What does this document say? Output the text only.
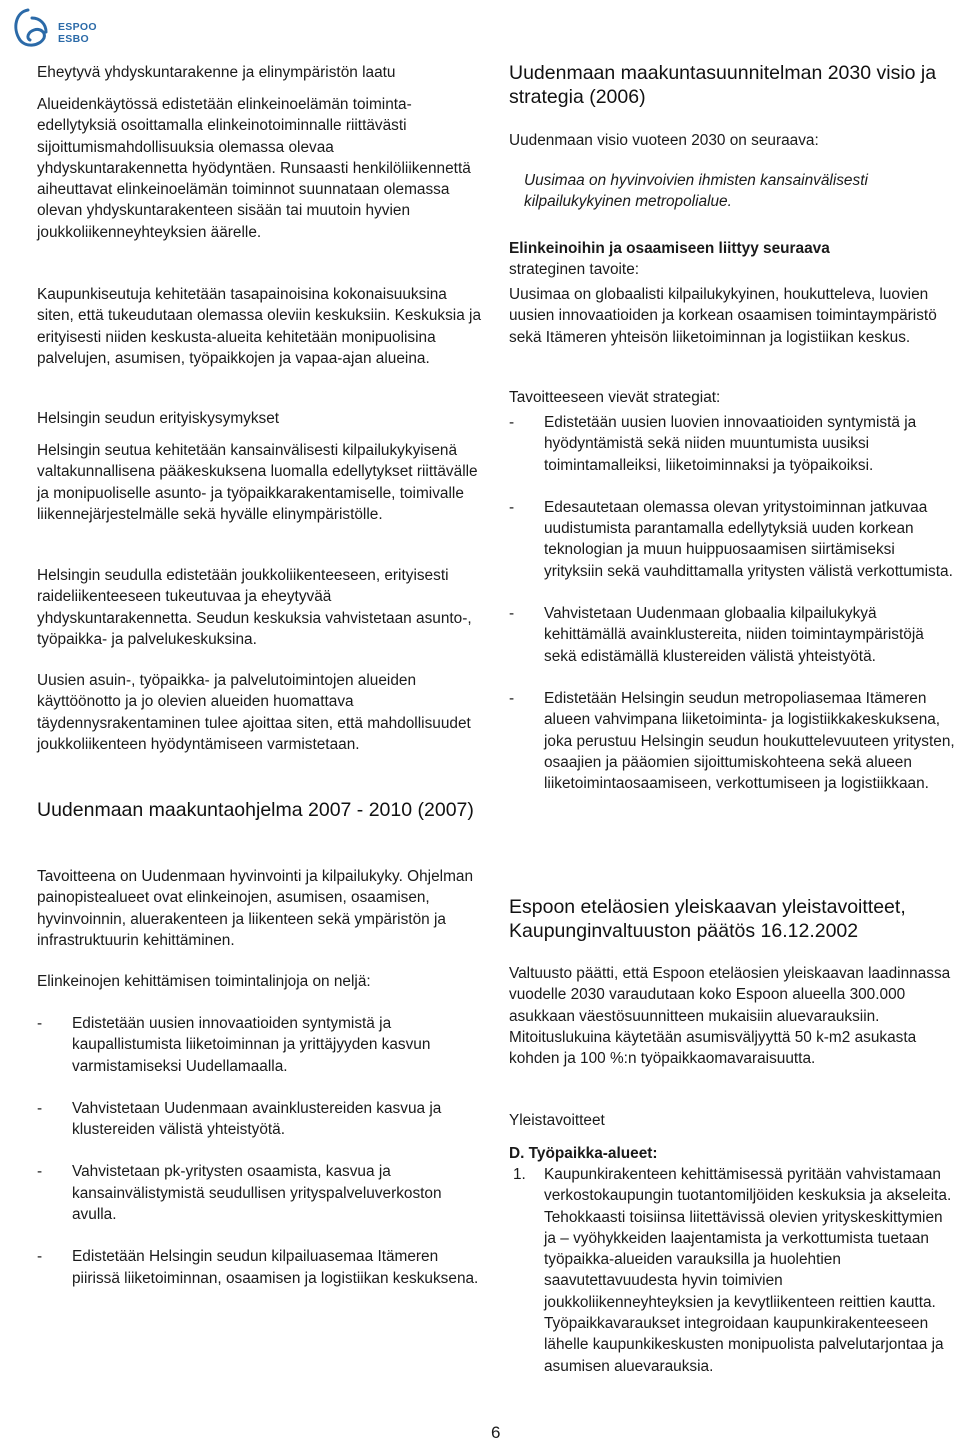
ESPOO
ESBO

Eheytyvä yhdyskuntarakenne ja elinympäristön laatu

Alueidenkäytössä edistetään elinkeinoelämän toiminta-edellytyksiä osoittamalla elinkeinotoiminnalle riittävästi sijoittumismahdollisuuksia olemassa olevaa yhdyskuntarakennetta hyödyntäen. Runsaasti henkilöliikennettä aiheuttavat elinkeinoelämän toiminnot suunnataan olemassa olevan yhdyskuntarakenteen sisään tai muutoin hyvien joukkoliikenneyhteyksien äärelle.

Kaupunkiseutuja kehitetään tasapainoisina kokonaisuuksina siten, että tukeudutaan olemassa oleviin keskuksiin. Keskuksia ja erityisesti niiden keskusta-alueita kehitetään monipuolisina palvelujen, asumisen, työpaikkojen ja vapaa-ajan alueina.

Helsingin seudun erityiskysymykset

Helsingin seutua kehitetään kansainvälisesti kilpailukykyisenä valtakunnallisena pääkeskuksena luomalla edellytykset riittävälle ja monipuoliselle asunto- ja työpaikkarakentamiselle, toimivalle liikennejärjestelmälle sekä hyvälle elinympäristölle.

Helsingin seudulla edistetään joukkoliikenteeseen, erityisesti raideliikenteeseen tukeutuvaa ja eheytyvää yhdyskuntarakennetta. Seudun keskuksia vahvistetaan asunto-, työpaikka- ja palvelukeskuksina.

Uusien asuin-, työpaikka- ja palvelutoimintojen alueiden käyttöönotto ja jo olevien alueiden huomattava täydennysrakentaminen tulee ajoittaa siten, että mahdollisuudet joukkoliikenteen hyödyntämiseen varmistetaan.

Uudenmaan maakuntaohjelma 2007 - 2010 (2007)

Tavoitteena on Uudenmaan hyvinvointi ja kilpailukyky. Ohjelman painopistealueet ovat elinkeinojen, asumisen, osaamisen, hyvinvoinnin, aluerakenteen ja liikenteen sekä ympäristön ja infrastruktuurin kehittäminen.

Elinkeinojen kehittämisen toimintalinjoja on neljä:

- Edistetään uusien innovaatioiden syntymistä ja kaupallistumista liiketoiminnan ja yrittäjyyden kasvun varmistamiseksi Uudellamaalla.
- Vahvistetaan Uudenmaan avainklustereiden kasvua ja klustereiden välistä yhteistyötä.
- Vahvistetaan pk-yritysten osaamista, kasvua ja kansainvälistymistä seudullisen yrityspalveluverkoston avulla.
- Edistetään Helsingin seudun kilpailuasemaa Itämeren piirissä liiketoiminnan, osaamisen ja logistiikan keskuksena.

Uudenmaan maakuntasuunnitelman 2030 visio ja strategia (2006)

Uudenmaan visio vuoteen 2030 on seuraava:

Uusimaa on hyvinvoivien ihmisten kansainvälisesti kilpailukykyinen metropolialue.

Elinkeinoihin ja osaamiseen liittyy seuraava

strateginen tavoite:

Uusimaa on globaalisti kilpailukykyinen, houkutteleva, luovien uusien innovaatioiden ja korkean osaamisen toimintaympäristö sekä Itämeren yhteisön liiketoiminnan ja logistiikan keskus.

Tavoitteeseen vievät strategiat:

- Edistetään uusien luovien innovaatioiden syntymistä ja hyödyntämistä sekä niiden muuntumista uusiksi toimintamalleiksi, liiketoiminnaksi ja työpaikoiksi.
- Edesautetaan olemassa olevan yritystoiminnan jatkuvaa uudistumista parantamalla edellytyksiä uuden korkean teknologian ja muun huippuosaamisen siirtämiseksi yrityksiin sekä vauhdittamalla yritysten välistä verkottumista.
- Vahvistetaan Uudenmaan globaalia kilpailukykyä kehittämällä avainklustereita, niiden toimintaympäristöjä sekä edistämällä klustereiden välistä yhteistyötä.
- Edistetään Helsingin seudun metropoliasemaa Itämeren alueen vahvimpana liiketoiminta- ja logistiikkakeskuksena, joka perustuu Helsingin seudun houkuttelevuuteen yritysten, osaajien ja pääomien sijoittumiskohteena sekä alueen liiketoimintaosaamiseen, verkottumiseen ja logistiikkaan.

Espoon eteläosien yleiskaavan yleistavoitteet, Kaupunginvaltuuston päätös 16.12.2002

Valtuusto päätti, että Espoon eteläosien yleiskaavan laadinnassa vuodelle 2030 varaudutaan koko Espoon alueella 300.000 asukkaan väestösuunnitteen mukaisiin aluevarauksiin. Mitoituslukuina käytetään asumisväljyyttä 50 k-m2 asukasta kohden ja 100 %:n työpaikkaomavaraisuutta.

Yleistavoitteet

D. Työpaikka-alueet:

1. Kaupunkirakenteen kehittämisessä pyritään vahvistamaan verkostokaupungin tuotantomiljöiden keskuksia ja akseleita. Tehokkaasti toisiinsa liitettävissä olevien yrityskeskittymien ja – vyöhykkeiden laajentamista ja verkottumista tuetaan työpaikka-alueiden varauksilla ja huolehtien saavutettavuudesta hyvin toimivien joukkoliikenneyhteyksien ja kevytliikenteen reittien kautta. Työpaikkavaraukset integroidaan kaupunkirakenteeseen lähelle kaupunkikeskusten monipuolista palvelutarjontaa ja asumisen aluevarauksia.
6
